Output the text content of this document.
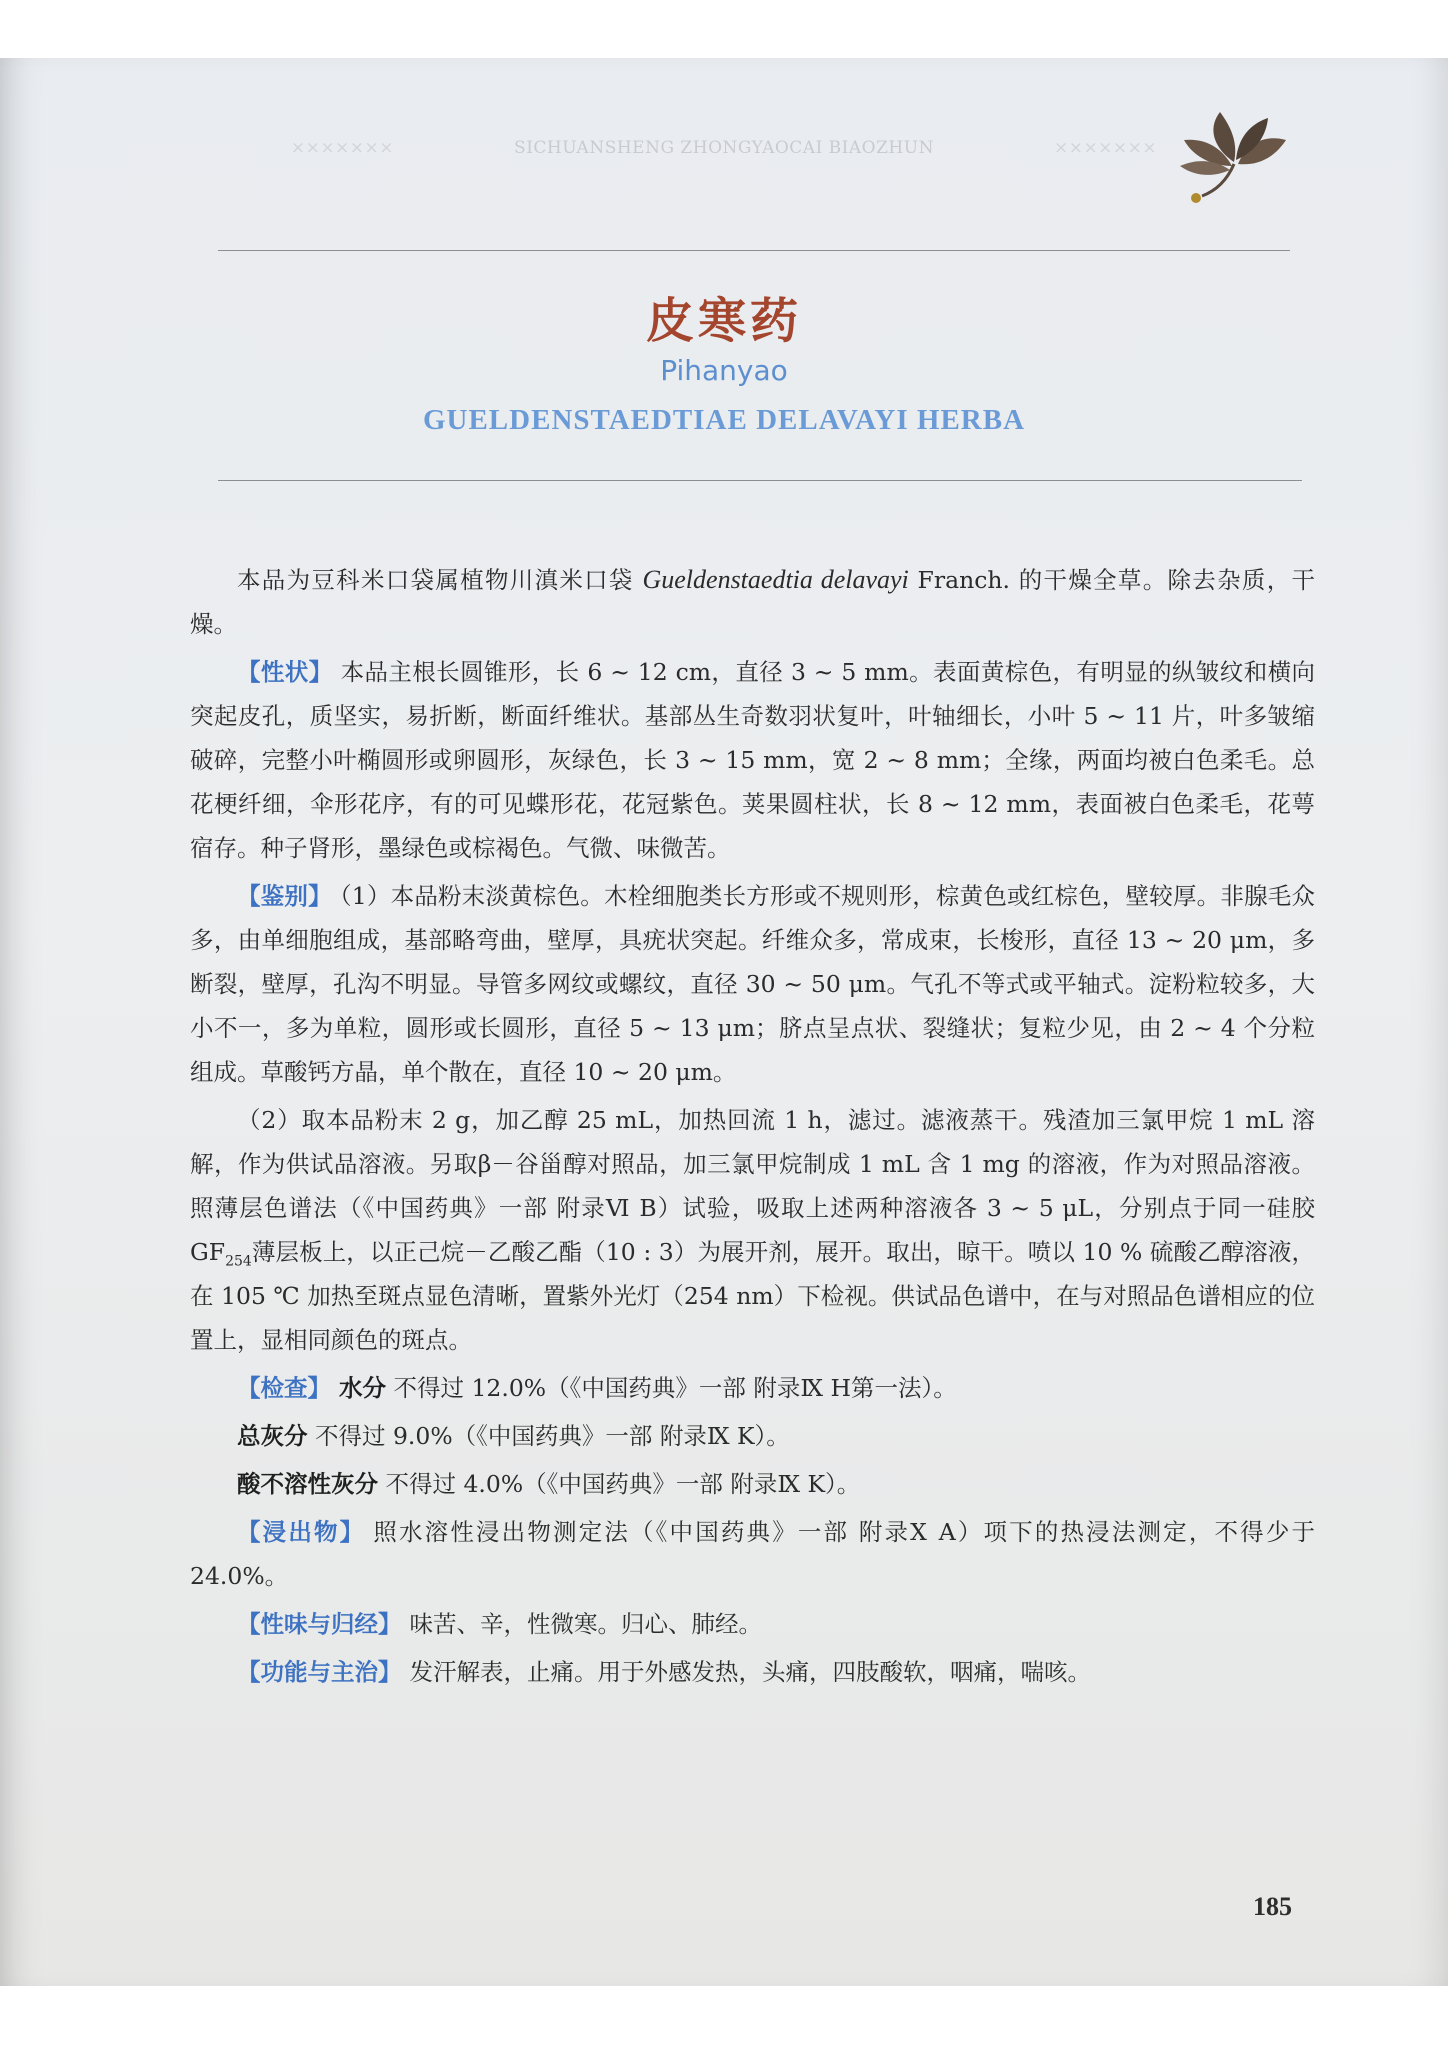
×××××××	SICHUANSHENG ZHONGYAOCAI BIAOZHUN	×××××××
皮寒药
Pihanyao
GUELDENSTAEDTIAE DELAVAYI HERBA

本品为豆科米口袋属植物川滇米口袋 Gueldenstaedtia delavayi Franch. 的干燥全草。除去杂质，干燥。

【性状】 本品主根长圆锥形，长 6 ~ 12 cm，直径 3 ~ 5 mm。表面黄棕色，有明显的纵皱纹和横向突起皮孔，质坚实，易折断，断面纤维状。基部丛生奇数羽状复叶，叶轴细长，小叶 5 ~ 11 片，叶多皱缩破碎，完整小叶椭圆形或卵圆形，灰绿色，长 3 ~ 15 mm，宽 2 ~ 8 mm；全缘，两面均被白色柔毛。总花梗纤细，伞形花序，有的可见蝶形花，花冠紫色。荚果圆柱状，长 8 ~ 12 mm，表面被白色柔毛，花萼宿存。种子肾形，墨绿色或棕褐色。气微、味微苦。

【鉴别】 （1）本品粉末淡黄棕色。木栓细胞类长方形或不规则形，棕黄色或红棕色，壁较厚。非腺毛众多，由单细胞组成，基部略弯曲，壁厚，具疣状突起。纤维众多，常成束，长梭形，直径 13 ~ 20 μm，多断裂，壁厚，孔沟不明显。导管多网纹或螺纹，直径 30 ~ 50 μm。气孔不等式或平轴式。淀粉粒较多，大小不一，多为单粒，圆形或长圆形，直径 5 ~ 13 μm；脐点呈点状、裂缝状；复粒少见，由 2 ~ 4 个分粒组成。草酸钙方晶，单个散在，直径 10 ~ 20 μm。

（2）取本品粉末 2 g，加乙醇 25 mL，加热回流 1 h，滤过。滤液蒸干。残渣加三氯甲烷 1 mL 溶解，作为供试品溶液。另取β－谷甾醇对照品，加三氯甲烷制成 1 mL 含 1 mg 的溶液，作为对照品溶液。照薄层色谱法（《中国药典》一部 附录Ⅵ B）试验，吸取上述两种溶液各 3 ~ 5 μL，分别点于同一硅胶$GF_{254}$薄层板上，以正己烷－乙酸乙酯（10 : 3）为展开剂，展开。取出，晾干。喷以 10 % 硫酸乙醇溶液，在 105 ℃ 加热至斑点显色清晰，置紫外光灯（254 nm）下检视。供试品色谱中，在与对照品色谱相应的位置上，显相同颜色的斑点。

【检查】 水分 不得过 12.0%（《中国药典》一部 附录Ⅸ H第一法）。

总灰分 不得过 9.0%（《中国药典》一部 附录Ⅸ K）。

酸不溶性灰分 不得过 4.0%（《中国药典》一部 附录Ⅸ K）。

【浸出物】 照水溶性浸出物测定法（《中国药典》一部 附录Ⅹ A）项下的热浸法测定，不得少于 24.0%。

【性味与归经】 味苦、辛，性微寒。归心、肺经。

【功能与主治】 发汗解表，止痛。用于外感发热，头痛，四肢酸软，咽痛，喘咳。

185
